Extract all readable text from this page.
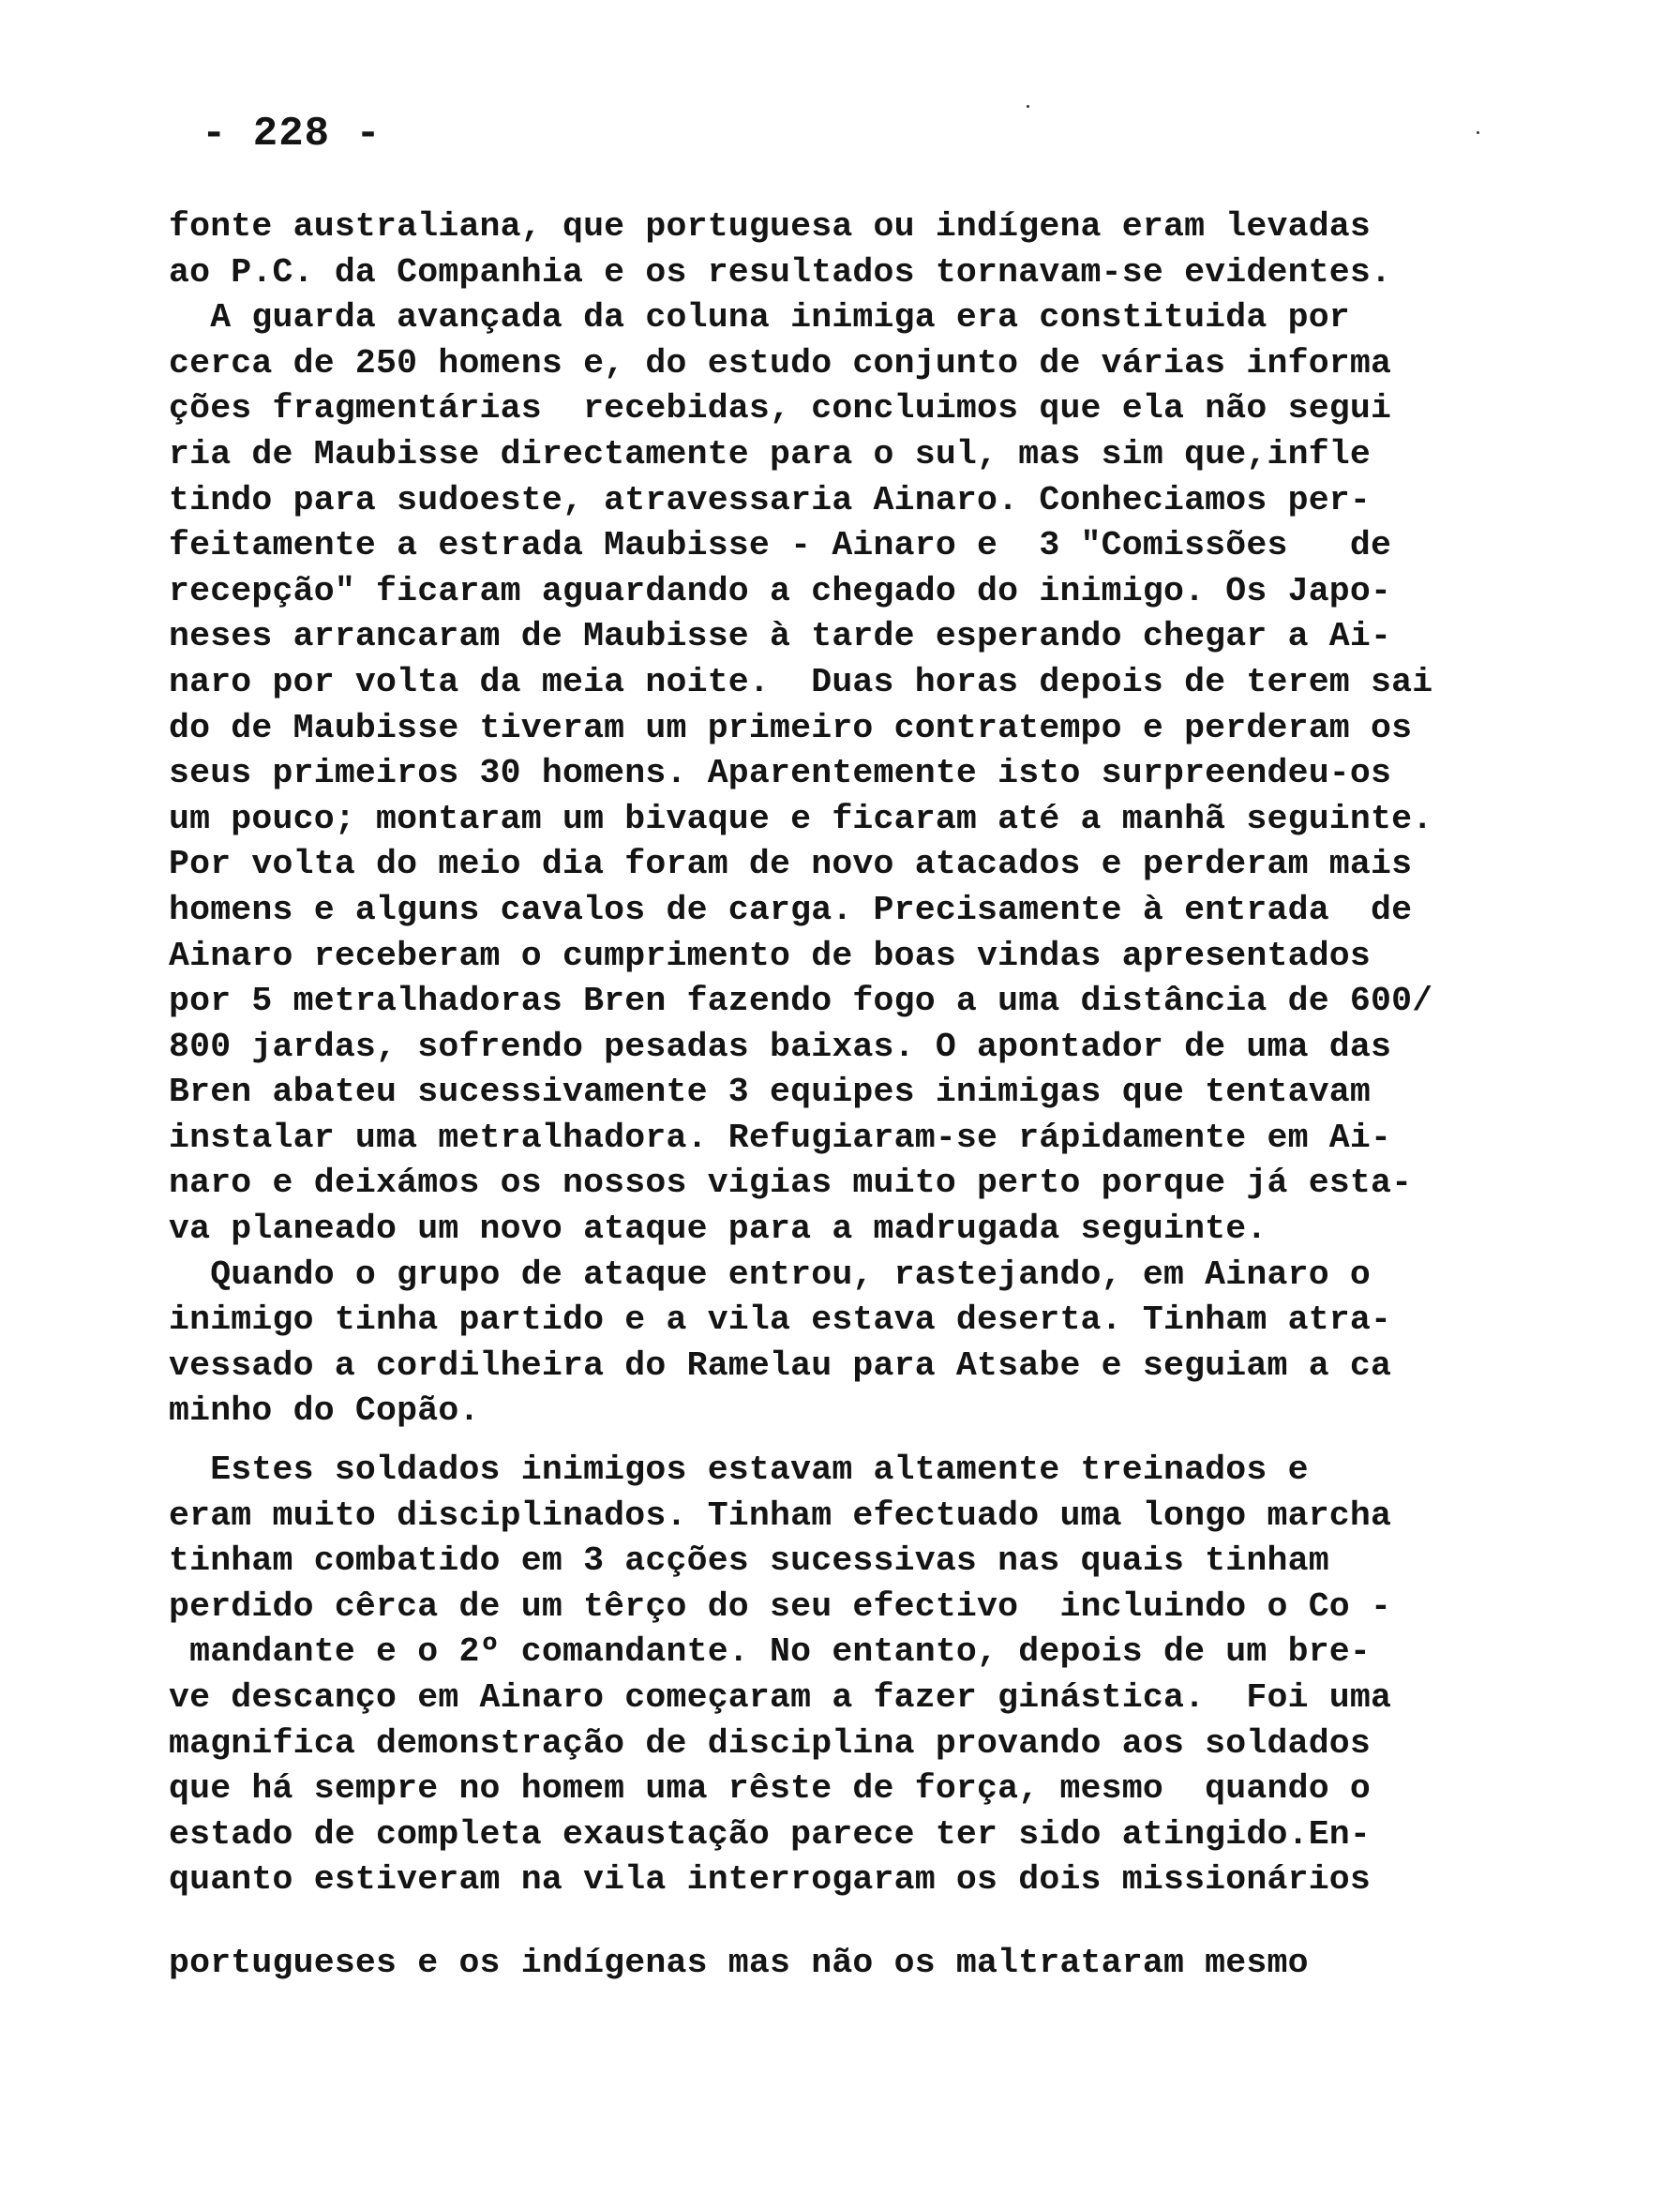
- 228 -
fonte australiana, que portuguesa ou indígena eram levadas
ao P.C. da Companhia e os resultados tornavam-se evidentes.
A guarda avançada da coluna inimiga era constituida por
cerca de 250 homens e, do estudo conjunto de várias informa
ções fragmentárias  recebidas, concluimos que ela não segui
ria de Maubisse directamente para o sul, mas sim que,infle
tindo para sudoeste, atravessaria Ainaro. Conheciamos per-
feitamente a estrada Maubisse - Ainaro e  3 "Comissões   de
recepção" ficaram aguardando a chegado do inimigo. Os Japo-
neses arrancaram de Maubisse à tarde esperando chegar a Ai-
naro por volta da meia noite.  Duas horas depois de terem sai
do de Maubisse tiveram um primeiro contratempo e perderam os
seus primeiros 30 homens. Aparentemente isto surpreendeu-os
um pouco; montaram um bivaque e ficaram até a manhã seguinte.
Por volta do meio dia foram de novo atacados e perderam mais
homens e alguns cavalos de carga. Precisamente à entrada  de
Ainaro receberam o cumprimento de boas vindas apresentados
por 5 metralhadoras Bren fazendo fogo a uma distância de 600/
800 jardas, sofrendo pesadas baixas. O apontador de uma das
Bren abateu sucessivamente 3 equipes inimigas que tentavam
instalar uma metralhadora. Refugiaram-se rápidamente em Ai-
naro e deixámos os nossos vigias muito perto porque já esta-
va planeado um novo ataque para a madrugada seguinte.
Quando o grupo de ataque entrou, rastejando, em Ainaro o
inimigo tinha partido e a vila estava deserta. Tinham atra-
vessado a cordilheira do Ramelau para Atsabe e seguiam a ca
minho do Copão.
Estes soldados inimigos estavam altamente treinados e
eram muito disciplinados. Tinham efectuado uma longo marcha
tinham combatido em 3 acções sucessivas nas quais tinham
perdido cêrca de um têrço do seu efectivo  incluindo o Co -
mandante e o 2º comandante. No entanto, depois de um bre-
ve descanço em Ainaro começaram a fazer ginástica.  Foi uma
magnifica demonstração de disciplina provando aos soldados
que há sempre no homem uma rêste de força, mesmo  quando o
estado de completa exaustação parece ter sido atingido.En-
quanto estiveram na vila interrogaram os dois missionários
portugueses e os indígenas mas não os maltrataram mesmo
